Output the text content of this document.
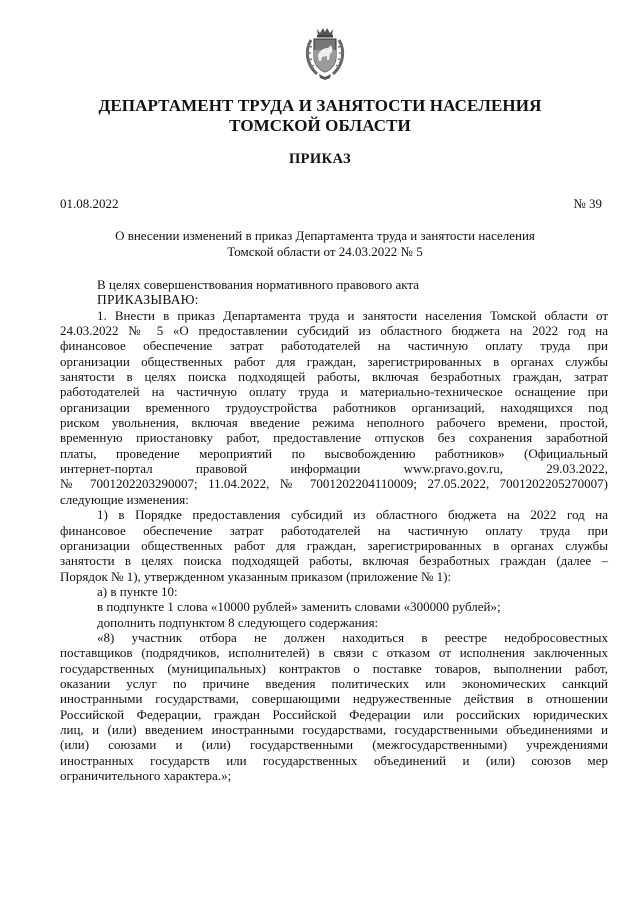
ДЕПАРТАМЕНТ ТРУДА И ЗАНЯТОСТИ НАСЕЛЕНИЯ
ТОМСКОЙ ОБЛАСТИ
ПРИКАЗ
01.08.2022	№ 39
О внесении изменений в приказ Департамента труда и занятости населения
Томской области от 24.03.2022 № 5

В целях совершенствования нормативного правового акта

ПРИКАЗЫВАЮ:

1. Внести в приказ Департамента труда и занятости населения Томской области от

24.03.2022 № 5 «О предоставлении субсидий из областного бюджета на 2022 год на

финансовое обеспечение затрат работодателей на частичную оплату труда при

организации общественных работ для граждан, зарегистрированных в органах службы

занятости в целях поиска подходящей работы, включая безработных граждан, затрат

работодателей на частичную оплату труда и материально-техническое оснащение при

организации временного трудоустройства работников организаций, находящихся под

риском увольнения, включая введение режима неполного рабочего времени, простой,

временную приостановку работ, предоставление отпусков без сохранения заработной

платы, проведение мероприятий по высвобождению работников» (Официальный

интернет-портал правовой информации www.pravo.gov.ru, 29.03.2022,

№ 7001202203290007; 11.04.2022, № 7001202204110009; 27.05.2022, 7001202205270007)

следующие изменения:

1) в Порядке предоставления субсидий из областного бюджета на 2022 год на

финансовое обеспечение затрат работодателей на частичную оплату труда при

организации общественных работ для граждан, зарегистрированных в органах службы

занятости в целях поиска подходящей работы, включая безработных граждан (далее –

Порядок № 1), утвержденном указанным приказом (приложение № 1):

а) в пункте 10:

в подпункте 1 слова «10000 рублей» заменить словами «300000 рублей»;

дополнить подпунктом 8 следующего содержания:

«8) участник отбора не должен находиться в реестре недобросовестных

поставщиков (подрядчиков, исполнителей) в связи с отказом от исполнения заключенных

государственных (муниципальных) контрактов о поставке товаров, выполнении работ,

оказании услуг по причине введения политических или экономических санкций

иностранными государствами, совершающими недружественные действия в отношении

Российской Федерации, граждан Российской Федерации или российских юридических

лиц, и (или) введением иностранными государствами, государственными объединениями и

(или) союзами и (или) государственными (межгосударственными) учреждениями

иностранных государств или государственных объединений и (или) союзов мер

ограничительного характера.»;
